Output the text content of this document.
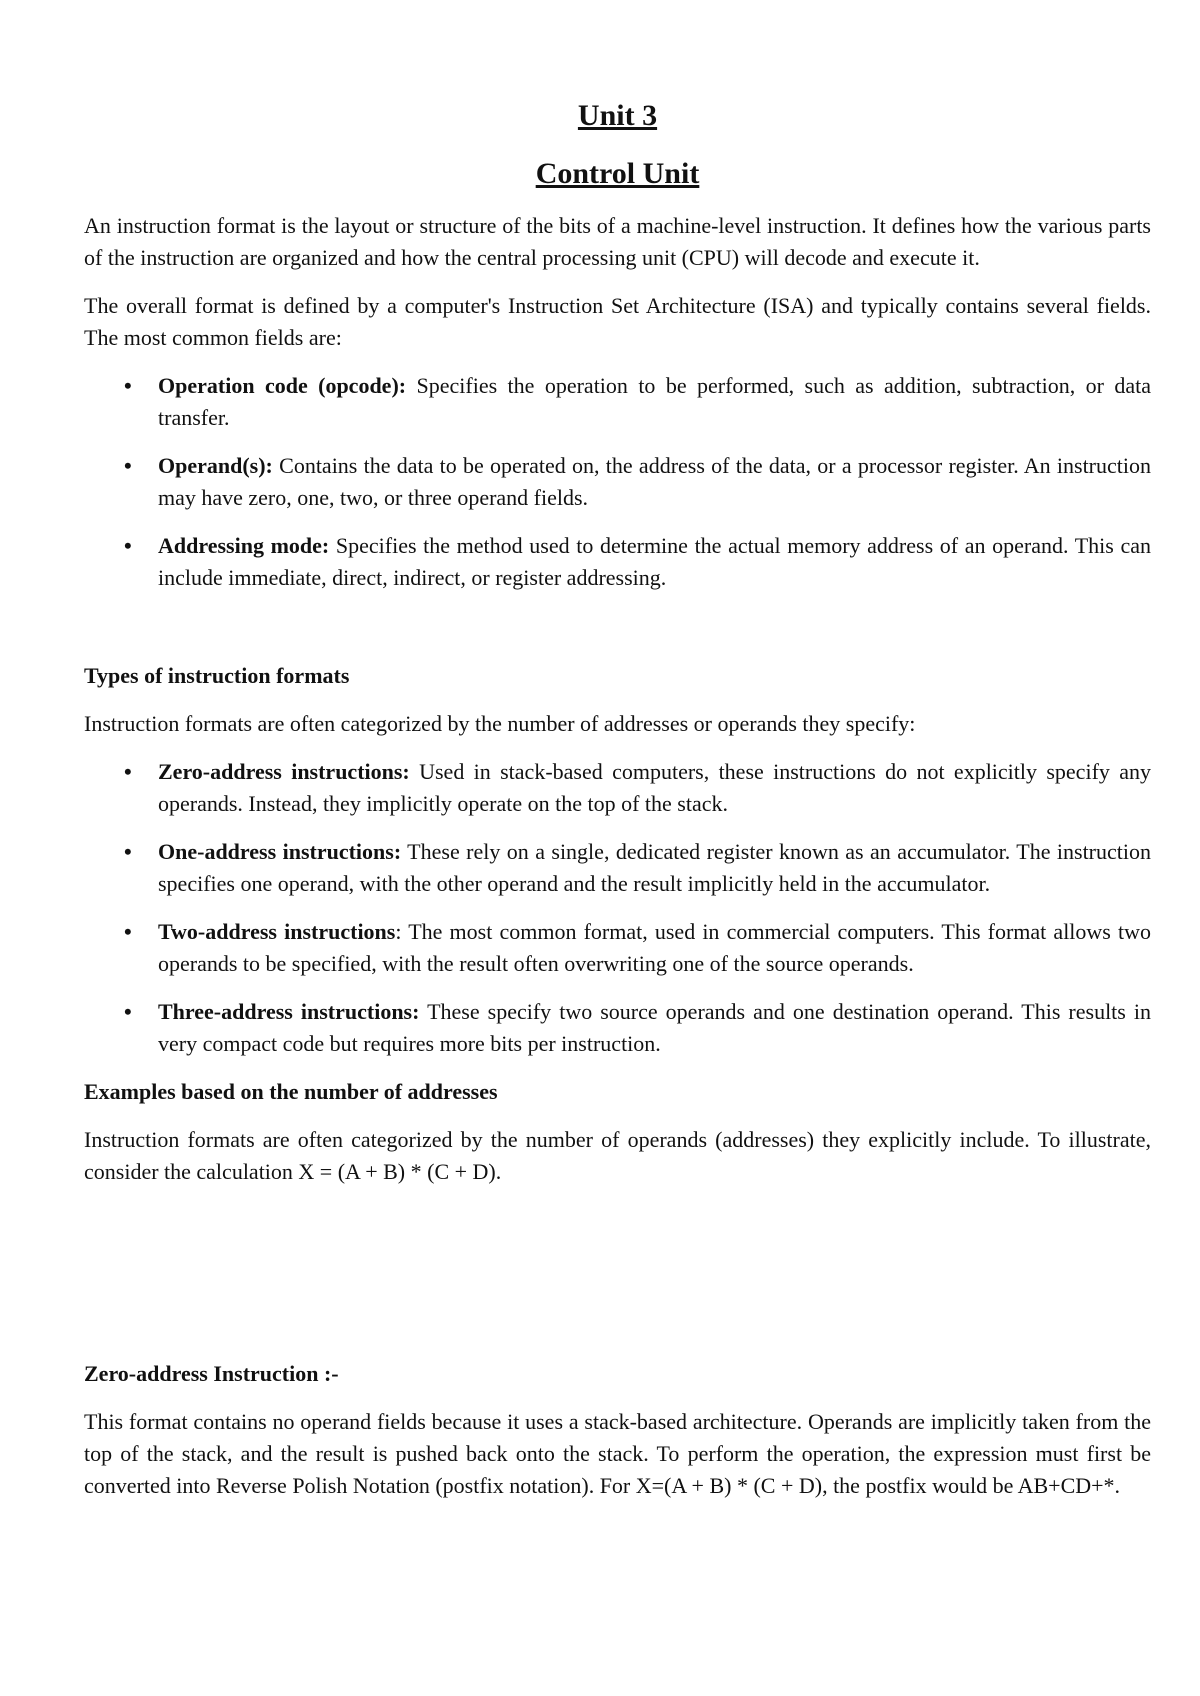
Unit 3
Control Unit

An instruction format is the layout or structure of the bits of a machine-level instruction. It defines how the various parts of the instruction are organized and how the central processing unit (CPU) will decode and execute it.

The overall format is defined by a computer's Instruction Set Architecture (ISA) and typically contains several fields. The most common fields are:

• Operation code (opcode): Specifies the operation to be performed, such as addition, subtraction, or data transfer.
• Operand(s): Contains the data to be operated on, the address of the data, or a processor register. An instruction may have zero, one, two, or three operand fields.
• Addressing mode: Specifies the method used to determine the actual memory address of an operand. This can include immediate, direct, indirect, or register addressing.
Types of instruction formats

Instruction formats are often categorized by the number of addresses or operands they specify:

• Zero-address instructions: Used in stack-based computers, these instructions do not explicitly specify any operands. Instead, they implicitly operate on the top of the stack.
• One-address instructions: These rely on a single, dedicated register known as an accumulator. The instruction specifies one operand, with the other operand and the result implicitly held in the accumulator.
• Two-address instructions: The most common format, used in commercial computers. This format allows two operands to be specified, with the result often overwriting one of the source operands.
• Three-address instructions: These specify two source operands and one destination operand. This results in very compact code but requires more bits per instruction.
Examples based on the number of addresses

Instruction formats are often categorized by the number of operands (addresses) they explicitly include. To illustrate, consider the calculation X = (A + B) * (C + D).

Zero-address Instruction :-

This format contains no operand fields because it uses a stack-based architecture. Operands are implicitly taken from the top of the stack, and the result is pushed back onto the stack. To perform the operation, the expression must first be converted into Reverse Polish Notation (postfix notation). For X=(A + B) * (C + D), the postfix would be AB+CD+*.
